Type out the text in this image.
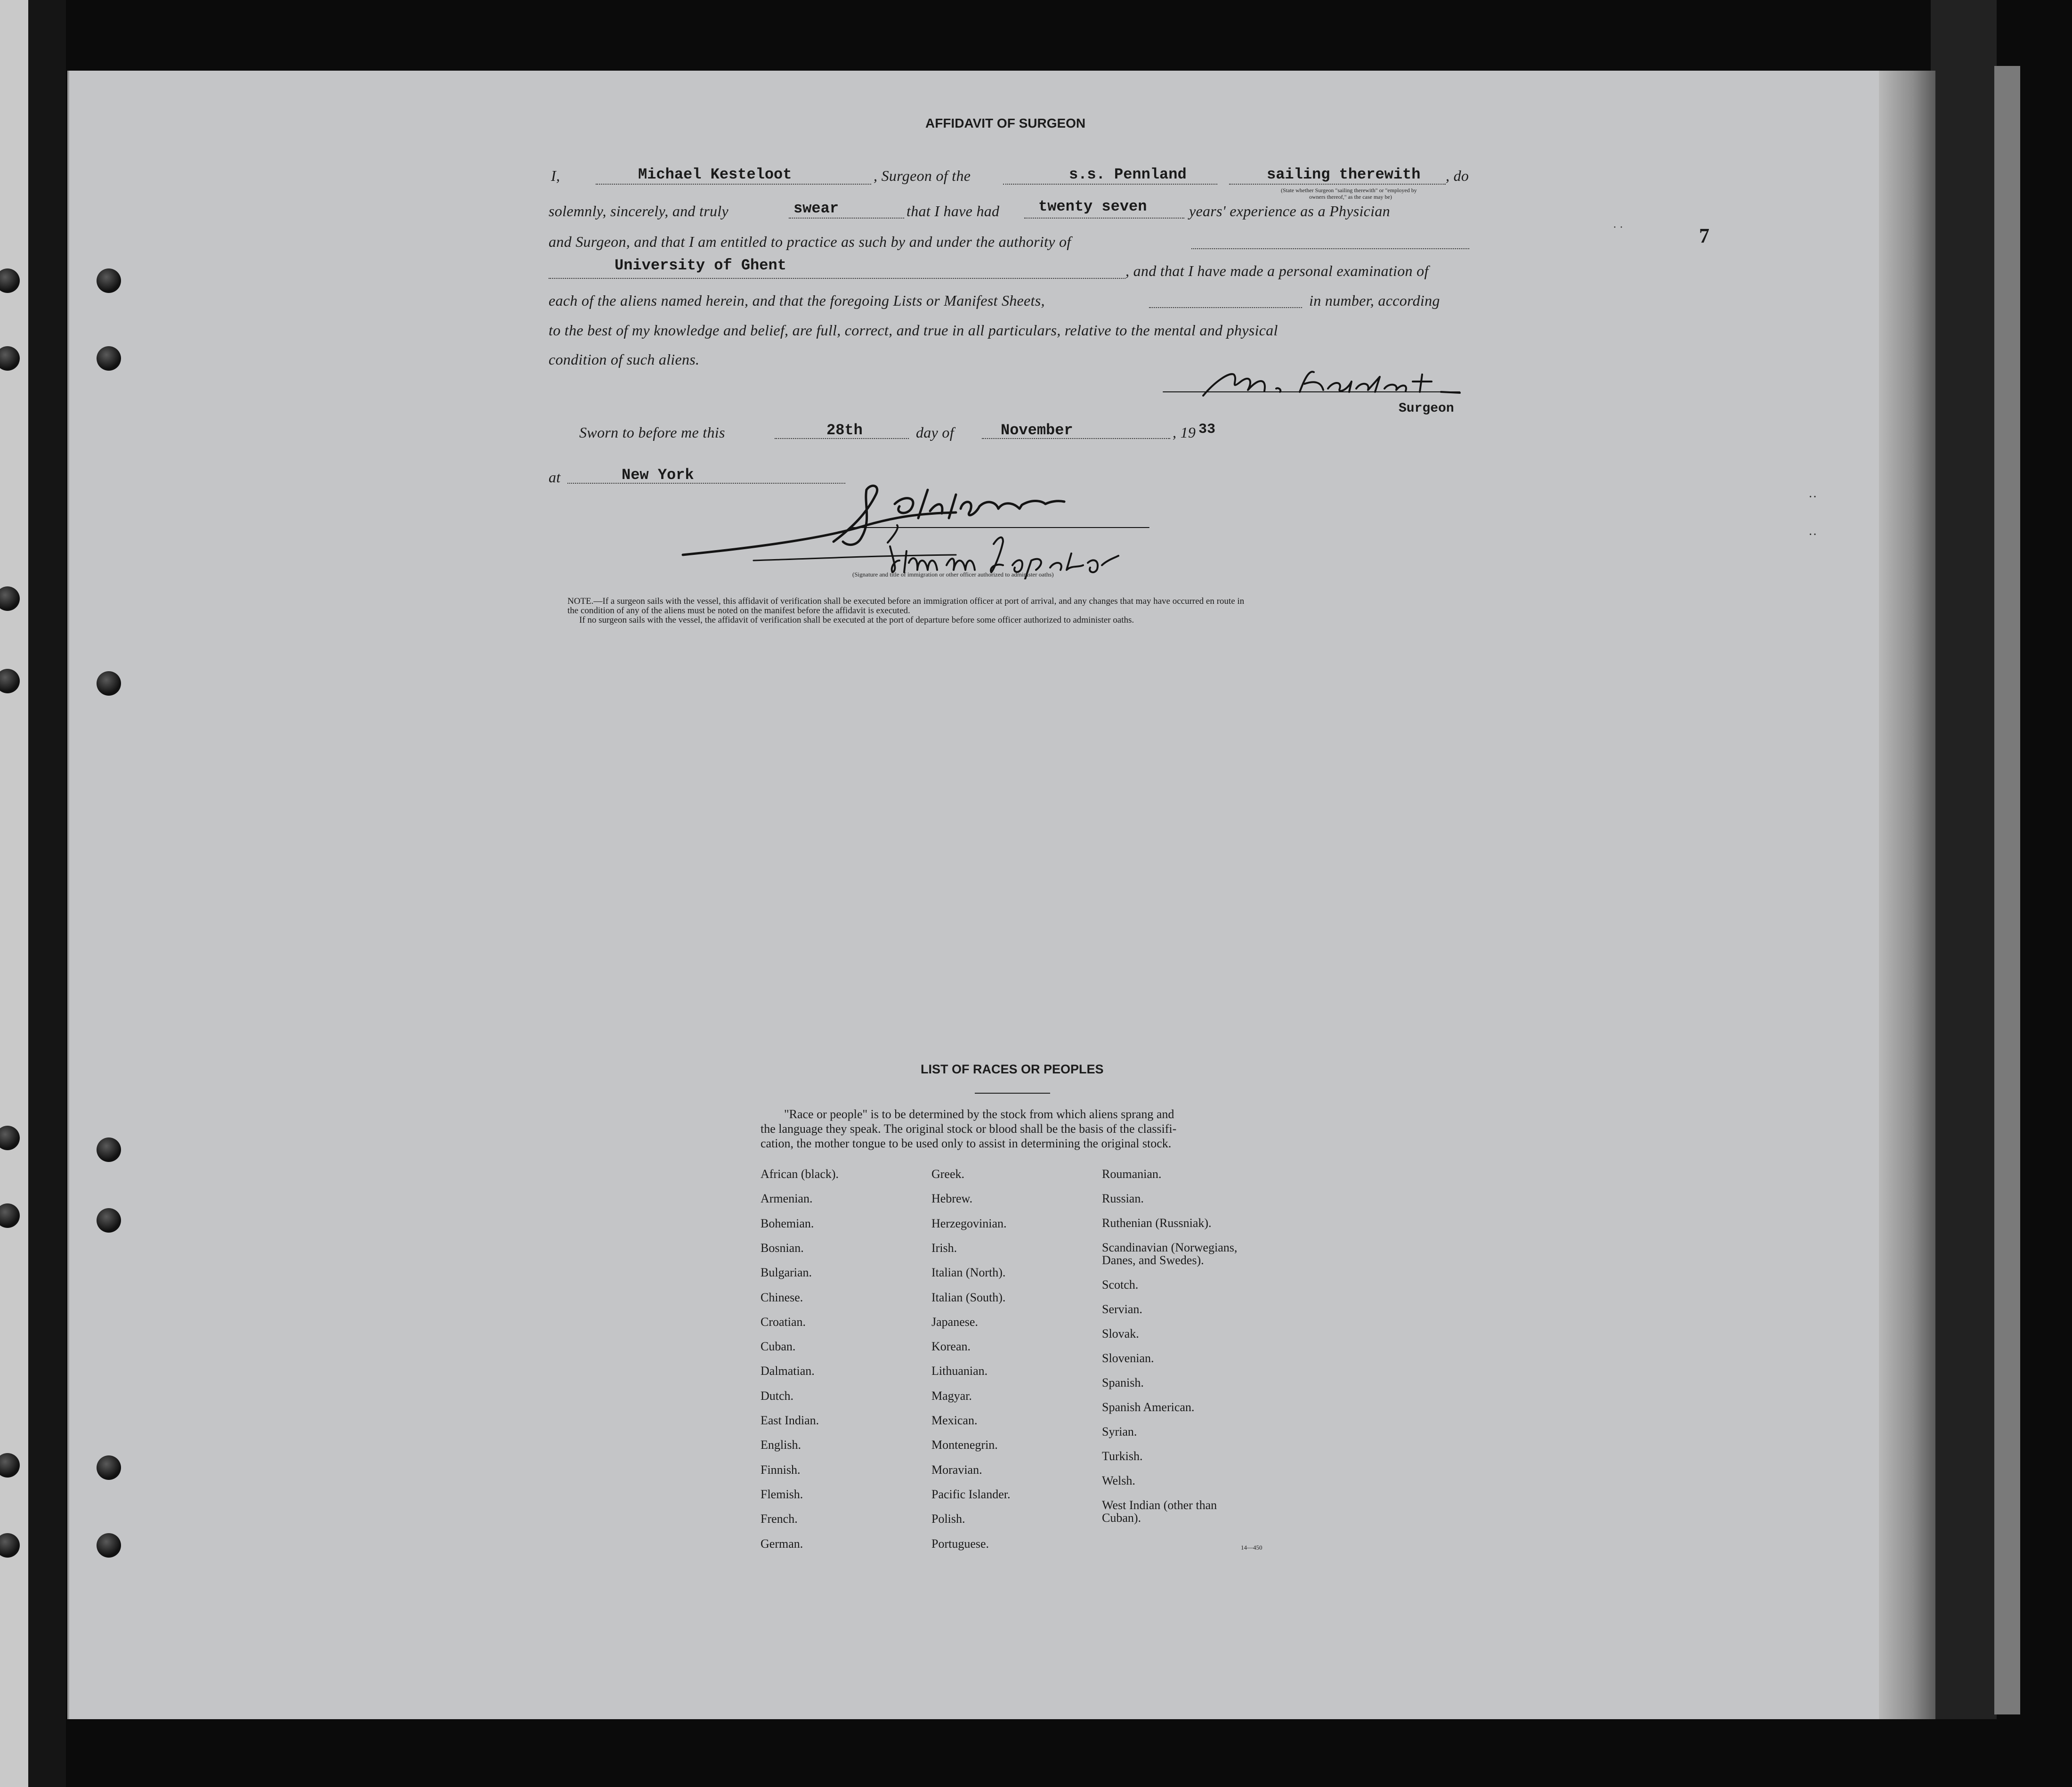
AFFIDAVIT OF SURGEON
I,	Michael Kesteloot	, Surgeon of the	s.s. Pennland	sailing therewith , do
(State whether Surgeon "sailing therewith" or "employed by
owners thereof," as the case may be)
solemnly, sincerely, and truly	swear	that I have had	twenty seven	years' experience as a Physician
and Surgeon, and that I am entitled to practice as such by and under the authority of
University of Ghent	, and that I have made a personal examination of
each of the aliens named herein, and that the foregoing Lists or Manifest Sheets,	in number, according
to the best of my knowledge and belief, are full, correct, and true in all particulars, relative to the mental and physical
condition of such aliens.
Surgeon
Sworn to before me this	28th	day of	November	, 19 33
at	New York
(Signature and title of immigration or other officer authorized to administer oaths)
NOTE.—If a surgeon sails with the vessel, this affidavit of verification shall be executed before an immigration officer at port of arrival, and any changes that may have occurred en route in
the condition of any of the aliens must be noted on the manifest before the affidavit is executed.
If no surgeon sails with the vessel, the affidavit of verification shall be executed at the port of departure before some officer authorized to administer oaths.
7
· ·
··
··
LIST OF RACES OR PEOPLES
"Race or people" is to be determined by the stock from which aliens sprang and
the language they speak. The original stock or blood shall be the basis of the classifi-
cation, the mother tongue to be used only to assist in determining the original stock.
African (black).
Armenian.
Bohemian.
Bosnian.
Bulgarian.
Chinese.
Croatian.
Cuban.
Dalmatian.
Dutch.
East Indian.
English.
Finnish.
Flemish.
French.
German.
Greek.
Hebrew.
Herzegovinian.
Irish.
Italian (North).
Italian (South).
Japanese.
Korean.
Lithuanian.
Magyar.
Mexican.
Montenegrin.
Moravian.
Pacific Islander.
Polish.
Portuguese.
Roumanian.
Russian.
Ruthenian (Russniak).
Scandinavian (Norwegians,
Danes, and Swedes).
Scotch.
Servian.
Slovak.
Slovenian.
Spanish.
Spanish American.
Syrian.
Turkish.
Welsh.
West Indian (other than
Cuban).
14—450
